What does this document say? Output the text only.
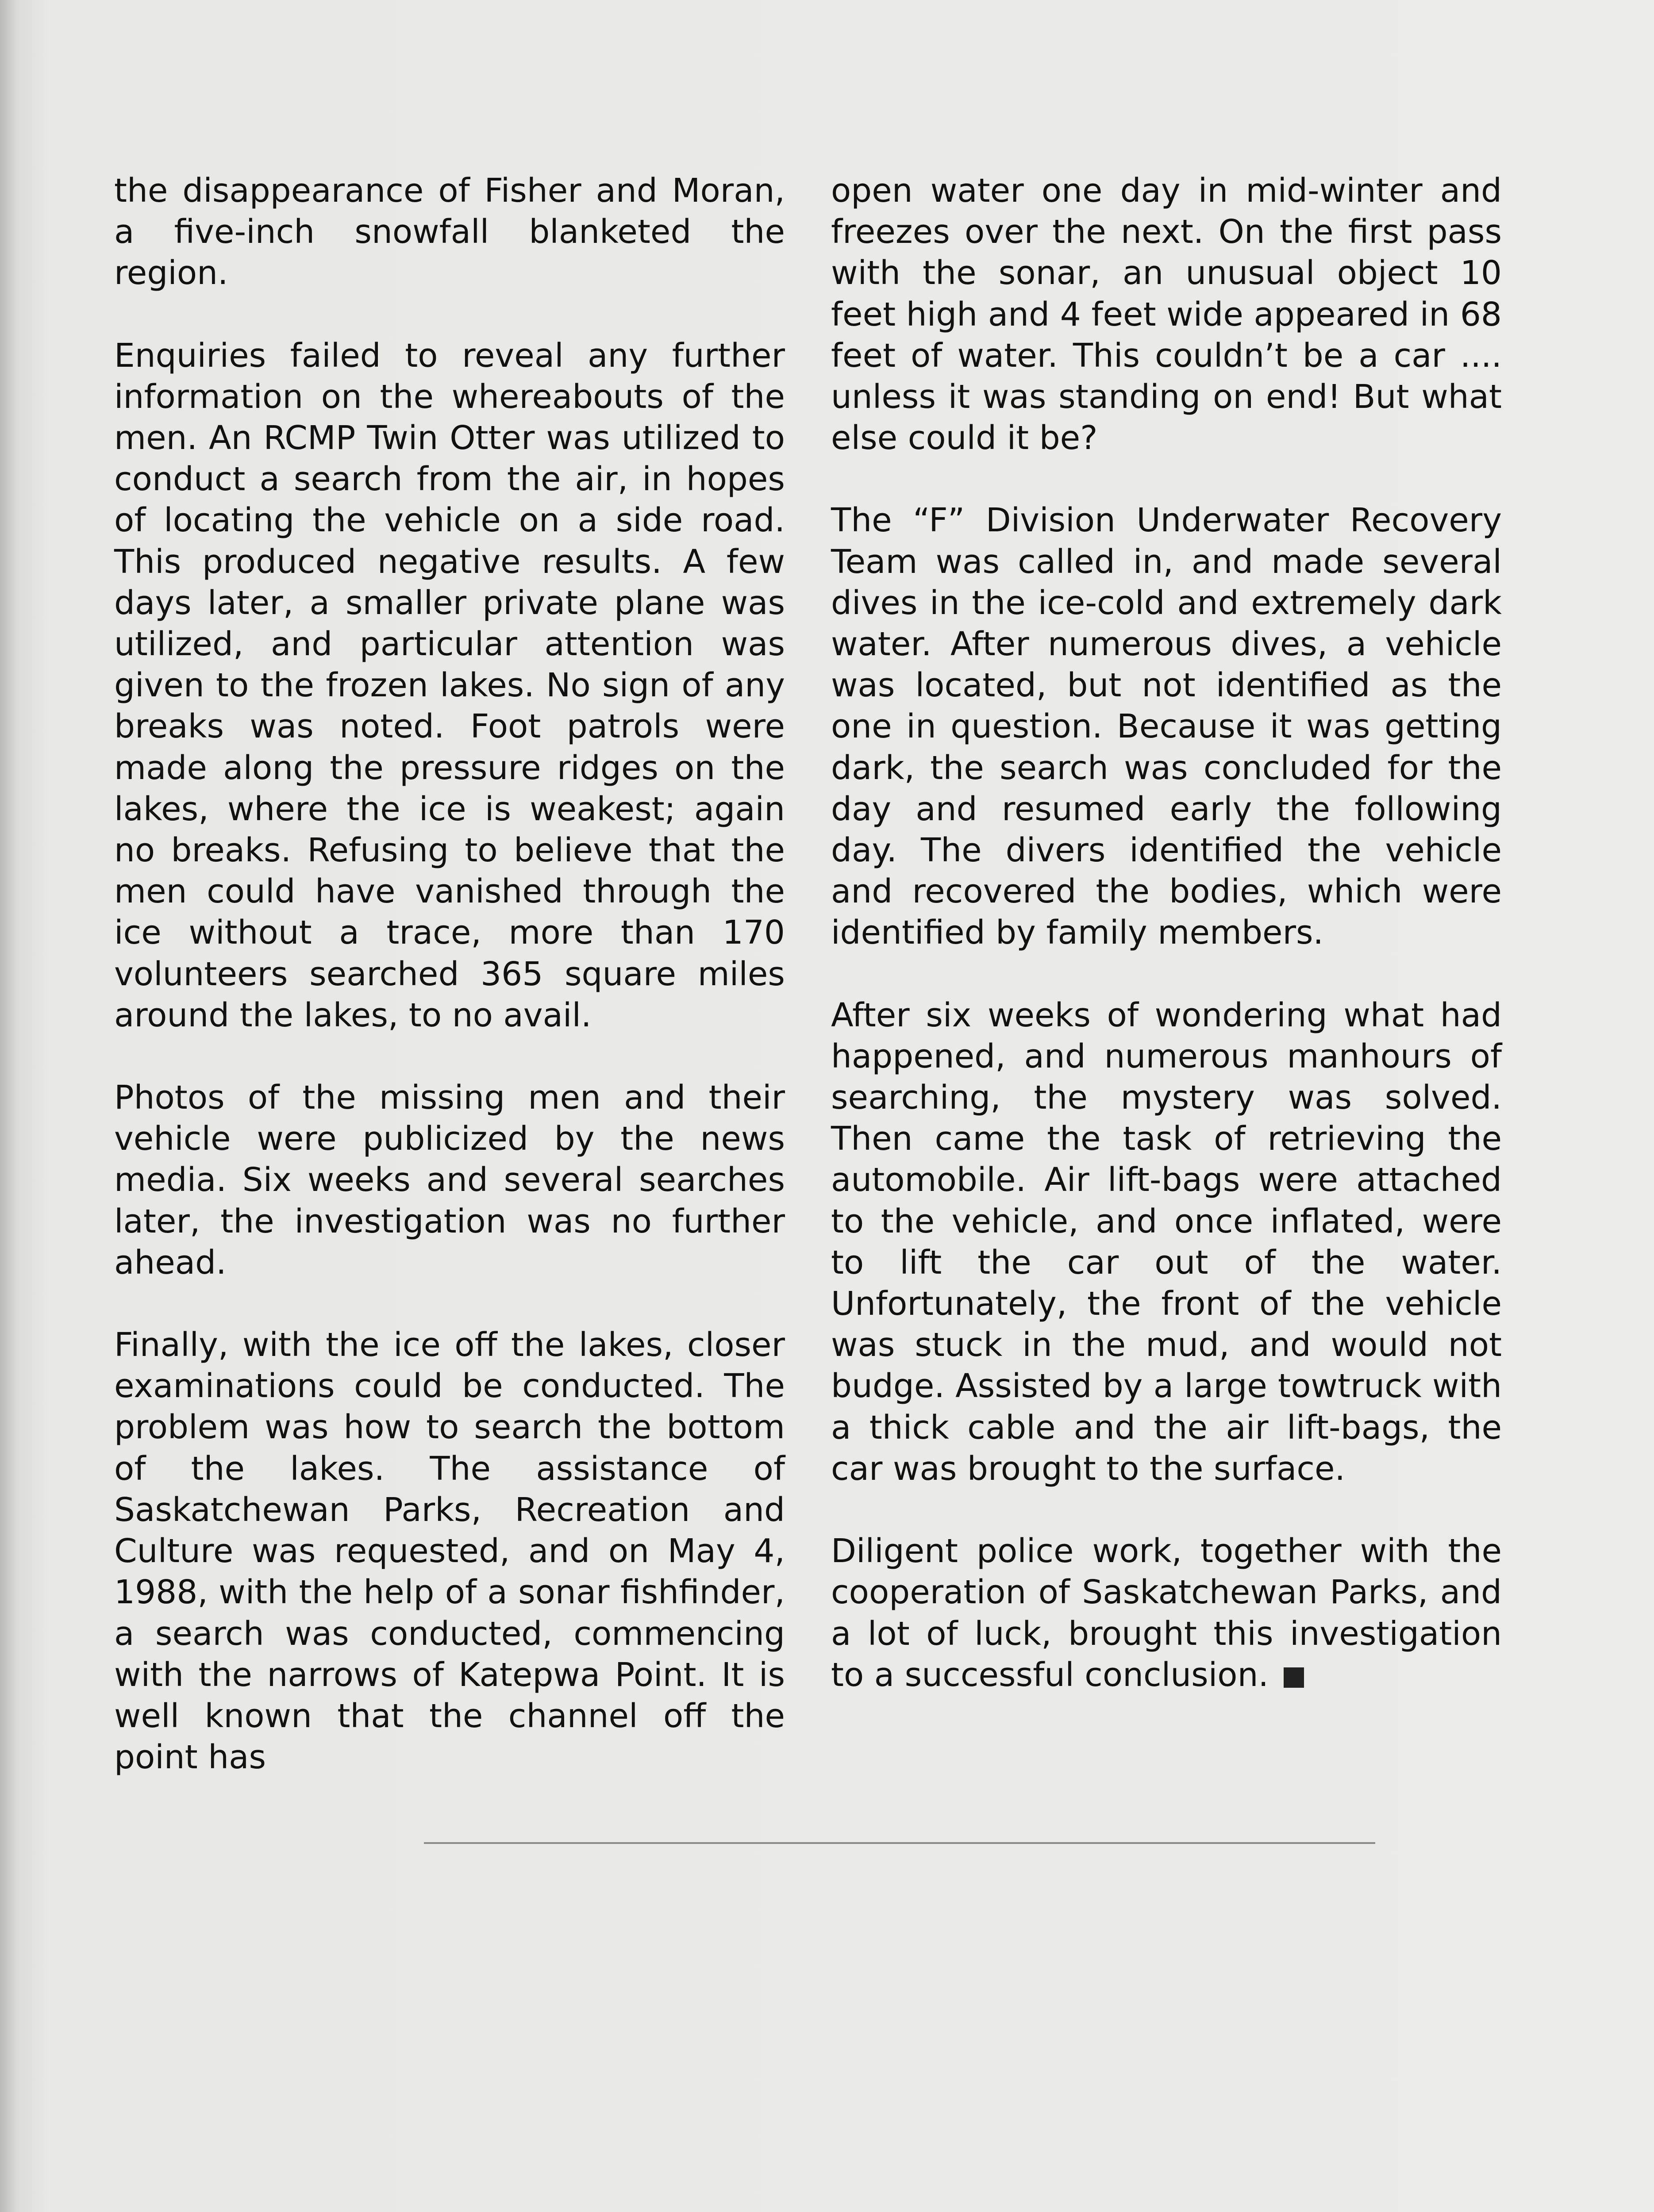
the disappearance of Fisher and Moran, a five-inch snowfall blanketed the region.

Enquiries failed to reveal any further information on the whereabouts of the men. An RCMP Twin Otter was utilized to conduct a search from the air, in hopes of locating the vehicle on a side road. This produced negative results. A few days later, a smaller private plane was utilized, and particular attention was given to the frozen lakes. No sign of any breaks was noted. Foot patrols were made along the pressure ridges on the lakes, where the ice is weakest; again no breaks. Refusing to believe that the men could have vanished through the ice without a trace, more than 170 volunteers searched 365 square miles around the lakes, to no avail.

Photos of the missing men and their vehicle were publicized by the news media. Six weeks and several searches later, the investigation was no further ahead.

Finally, with the ice off the lakes, closer examinations could be conducted. The problem was how to search the bottom of the lakes. The assistance of Saskatchewan Parks, Recreation and Culture was requested, and on May 4, 1988, with the help of a sonar fishfinder, a search was conducted, commencing with the narrows of Katepwa Point. It is well known that the channel off the point has

open water one day in mid-winter and freezes over the next. On the first pass with the sonar, an unusual object 10 feet high and 4 feet wide appeared in 68 feet of water. This couldn’t be a car .... unless it was standing on end! But what else could it be?

The “F” Division Underwater Recovery Team was called in, and made several dives in the ice-cold and extremely dark water. After numerous dives, a vehicle was located, but not identified as the one in question. Because it was getting dark, the search was concluded for the day and resumed early the following day. The divers identified the vehicle and recovered the bodies, which were identified by family members.

After six weeks of wondering what had happened, and numerous manhours of searching, the mystery was solved. Then came the task of retrieving the automobile. Air lift-bags were attached to the vehicle, and once inflated, were to lift the car out of the water. Unfortunately, the front of the vehicle was stuck in the mud, and would not budge. Assisted by a large towtruck with a thick cable and the air lift-bags, the car was brought to the surface.

Diligent police work, together with the cooperation of Saskatchewan Parks, and a lot of luck, brought this investigation to a successful conclusion.
